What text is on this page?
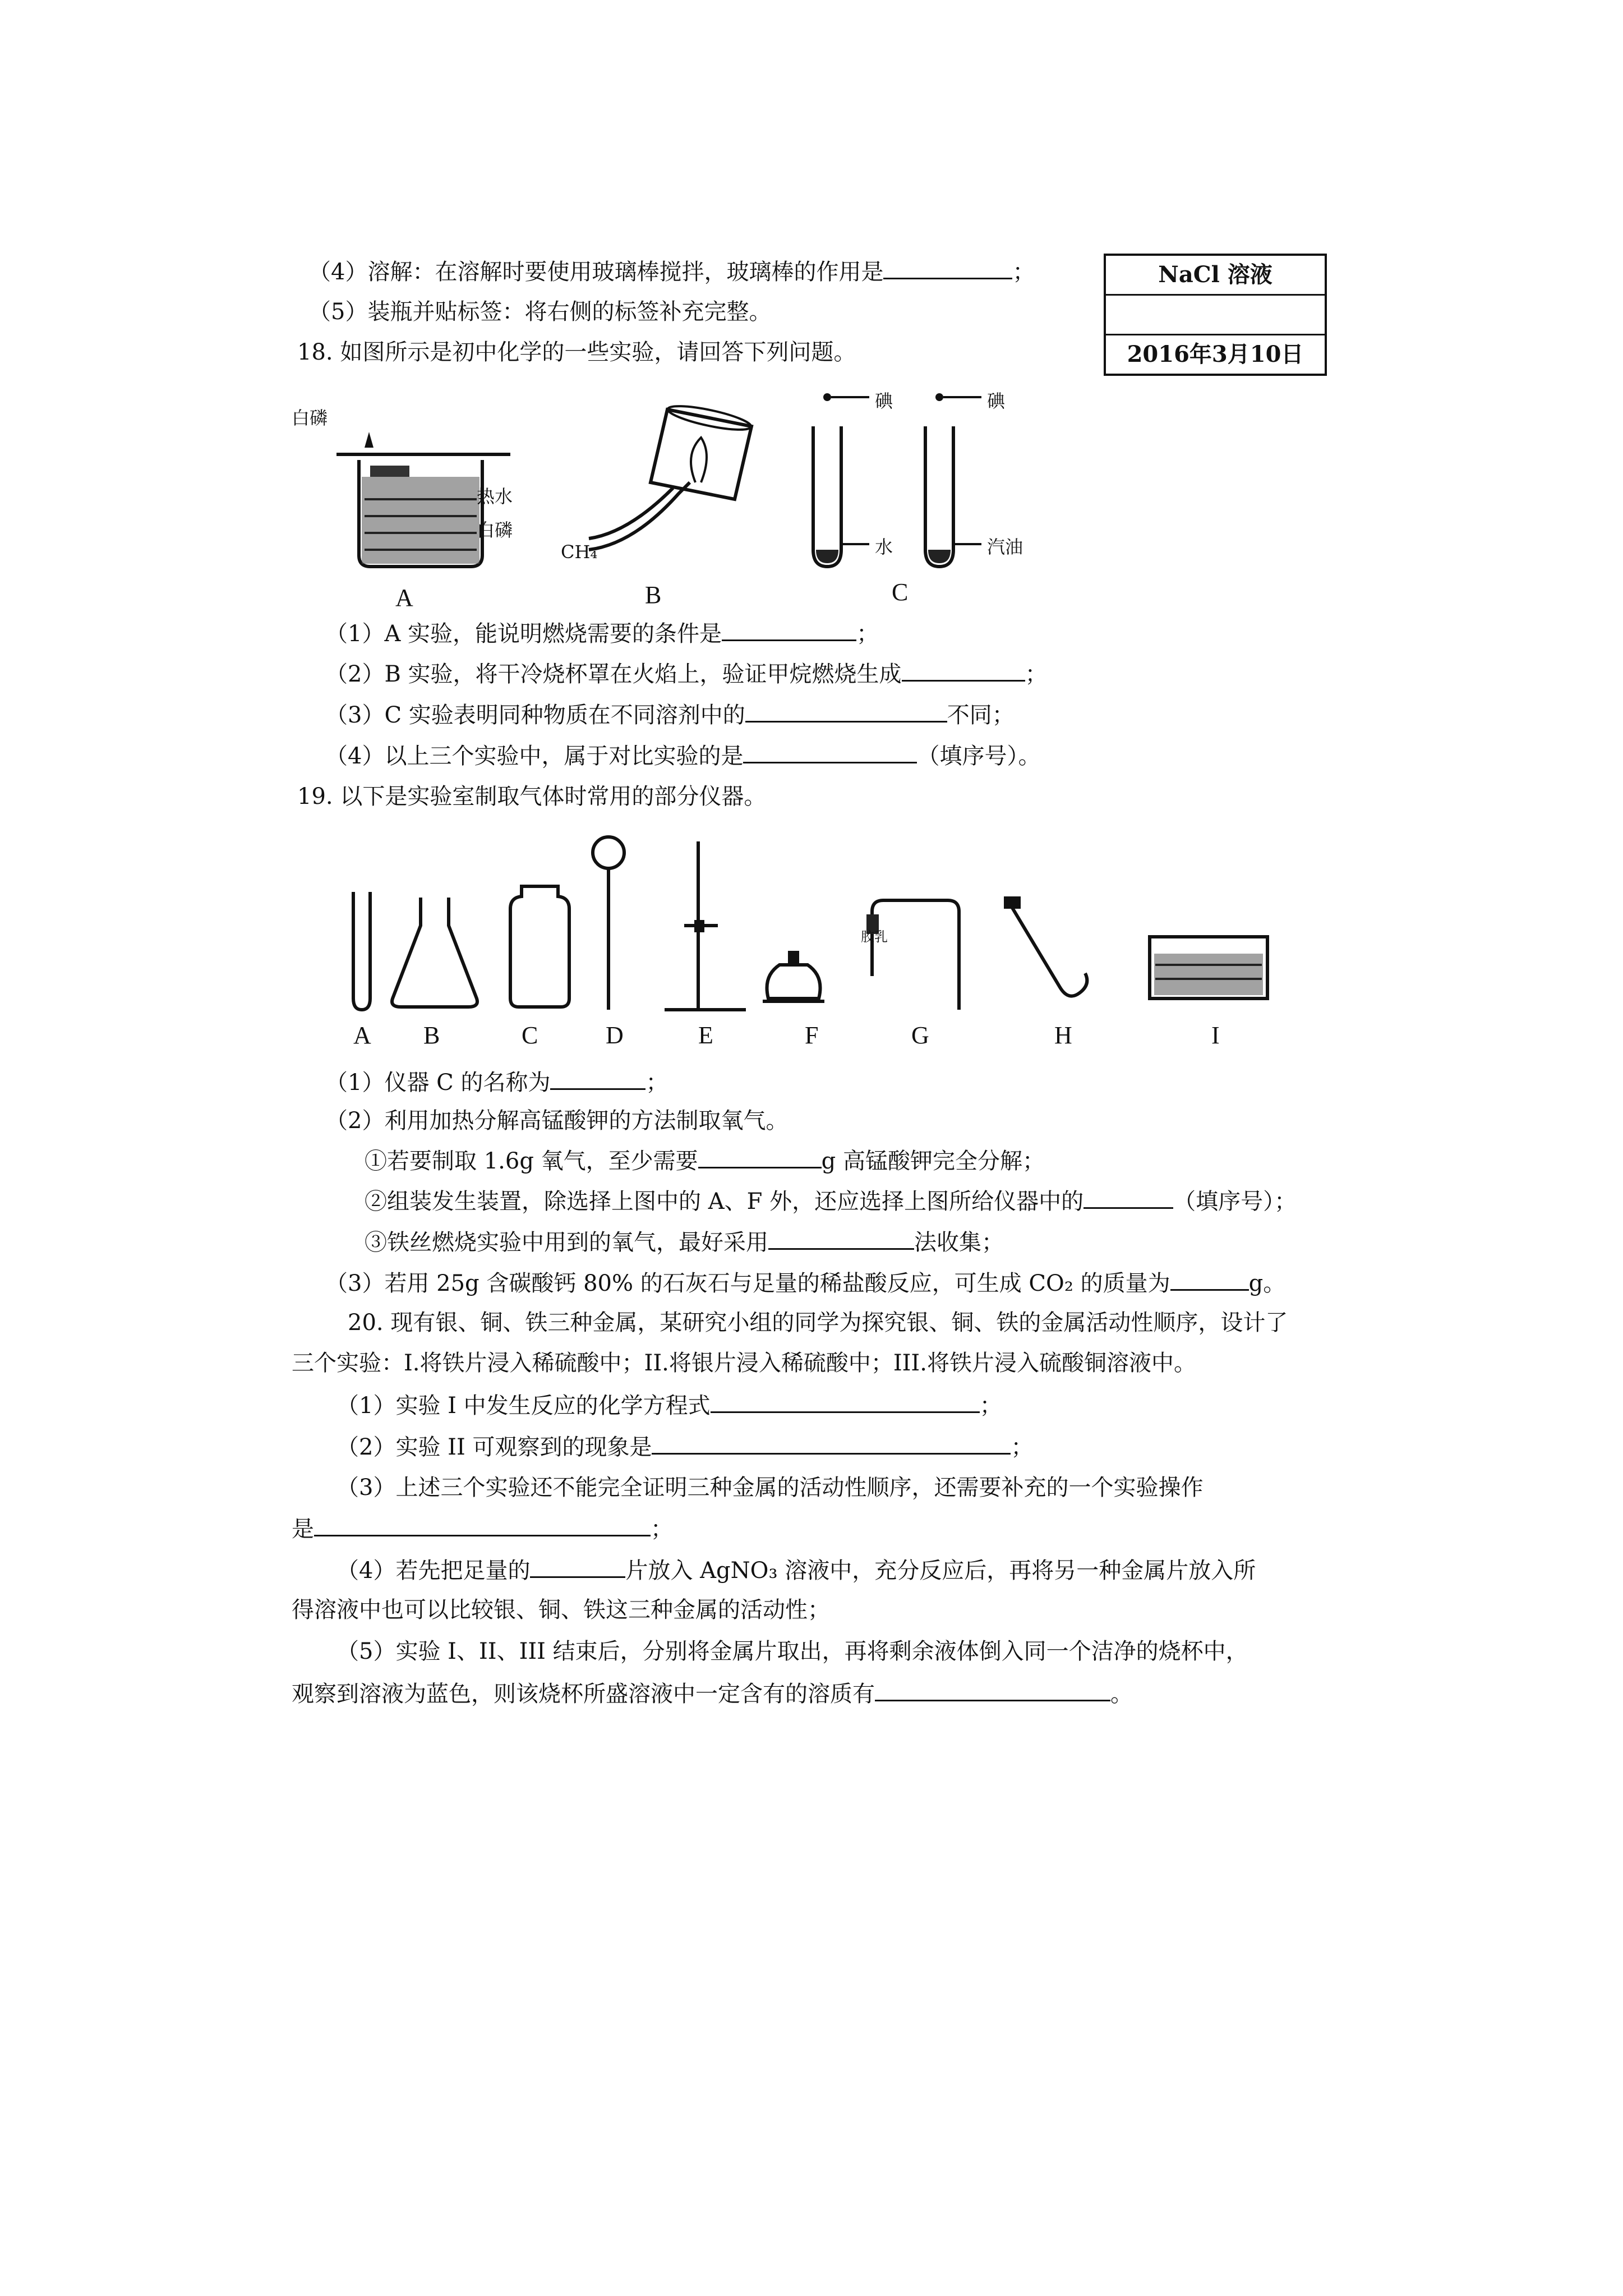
（4）溶解：在溶解时要使用玻璃棒搅拌，玻璃棒的作用是	；
（5）装瓶并贴标签：将右侧的标签补充完整。
NaCl 溶液
2016年3月10日
18. 如图所示是初中化学的一些实验，请回答下列问题。
白磷
热水
白磷
A
CH₄
B
碘	碘
水	汽油
C
（1）A 实验，能说明燃烧需要的条件是	；
（2）B 实验，将干冷烧杯罩在火焰上，验证甲烷燃烧生成	；
（3）C 实验表明同种物质在不同溶剂中的	不同；
（4）以上三个实验中，属于对比实验的是	（填序号）。
19. 以下是实验室制取气体时常用的部分仪器。
胶乳
A B	C	D	E	F	G	H	I
（1）仪器 C 的名称为	；
（2）利用加热分解高锰酸钾的方法制取氧气。
①若要制取 1.6g 氧气，至少需要	g 高锰酸钾完全分解；
②组装发生装置，除选择上图中的 A、F 外，还应选择上图所给仪器中的	（填序号）；
③铁丝燃烧实验中用到的氧气，最好采用	法收集；
（3）若用 25g 含碳酸钙 80% 的石灰石与足量的稀盐酸反应，可生成 CO₂ 的质量为	g。
20. 现有银、铜、铁三种金属，某研究小组的同学为探究银、铜、铁的金属活动性顺序，设计了
三个实验：I.将铁片浸入稀硫酸中；II.将银片浸入稀硫酸中；III.将铁片浸入硫酸铜溶液中。
（1）实验 I 中发生反应的化学方程式	；
（2）实验 II 可观察到的现象是	；
（3）上述三个实验还不能完全证明三种金属的活动性顺序，还需要补充的一个实验操作
是	；
（4）若先把足量的	片放入 AgNO₃ 溶液中，充分反应后，再将另一种金属片放入所
得溶液中也可以比较银、铜、铁这三种金属的活动性；
（5）实验 I、II、III 结束后，分别将金属片取出，再将剩余液体倒入同一个洁净的烧杯中，
观察到溶液为蓝色，则该烧杯所盛溶液中一定含有的溶质有	。
